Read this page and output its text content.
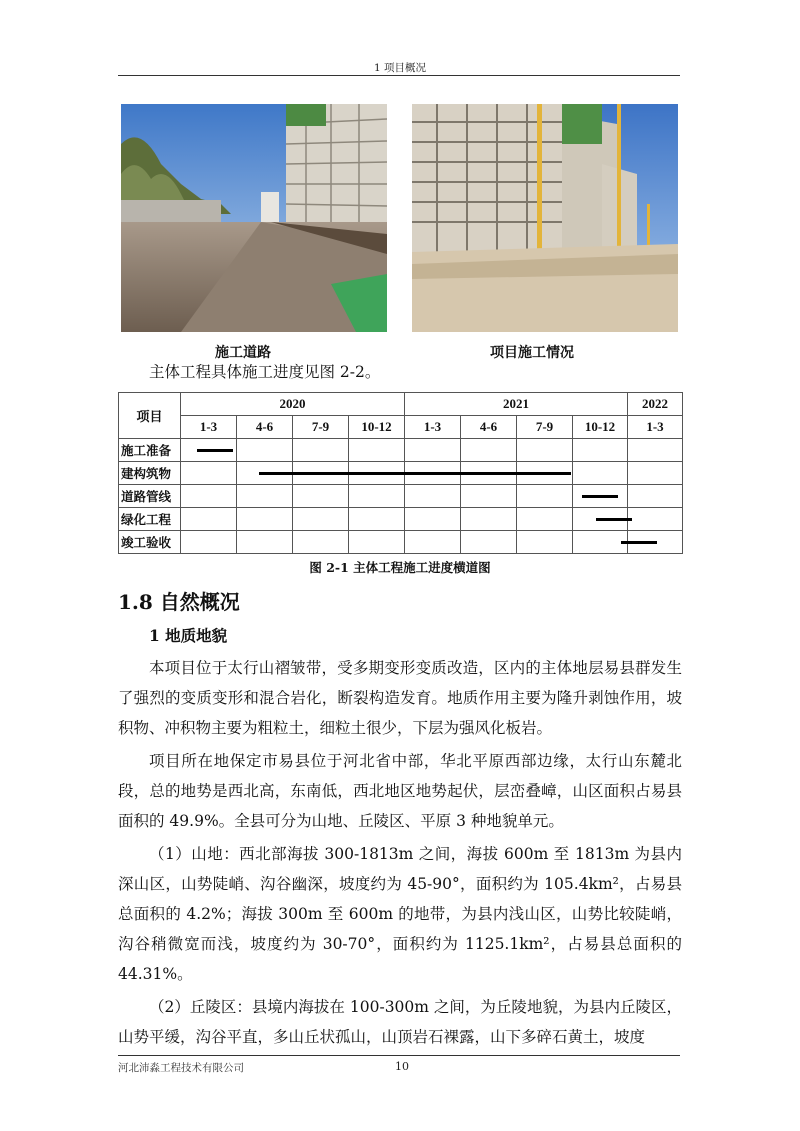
1 项目概况
施工道路	项目施工情况
主体工程具体施工进度见图 2-2。
项目	2020				2021				2022
	1-3	4-6	7-9	10-12	1-3	4-6	7-9	10-12	1-3
施工准备									
建构筑物									
道路管线									
绿化工程									
竣工验收									
图 2-1 主体工程施工进度横道图
1.8 自然概况
1 地质地貌

本项目位于太行山褶皱带，受多期变形变质改造，区内的主体地层易县群发生了强烈的变质变形和混合岩化，断裂构造发育。地质作用主要为隆升剥蚀作用，坡积物、冲积物主要为粗粒土，细粒土很少，下层为强风化板岩。

项目所在地保定市易县位于河北省中部，华北平原西部边缘，太行山东麓北段，总的地势是西北高，东南低，西北地区地势起伏，层峦叠嶂，山区面积占易县面积的 49.9%。全县可分为山地、丘陵区、平原 3 种地貌单元。

（1）山地：西北部海拔 300-1813m 之间，海拔 600m 至 1813m 为县内深山区，山势陡峭、沟谷幽深，坡度约为 45-90°，面积约为 105.4km²，占易县总面积的 4.2%；海拔 300m 至 600m 的地带，为县内浅山区，山势比较陡峭，沟谷稍微宽而浅，坡度约为 30-70°，面积约为 1125.1km²，占易县总面积的 44.31%。

（2）丘陵区：县境内海拔在 100-300m 之间，为丘陵地貌，为县内丘陵区，山势平缓，沟谷平直，多山丘状孤山，山顶岩石裸露，山下多碎石黄土，坡度

河北沛淼工程技术有限公司	10
